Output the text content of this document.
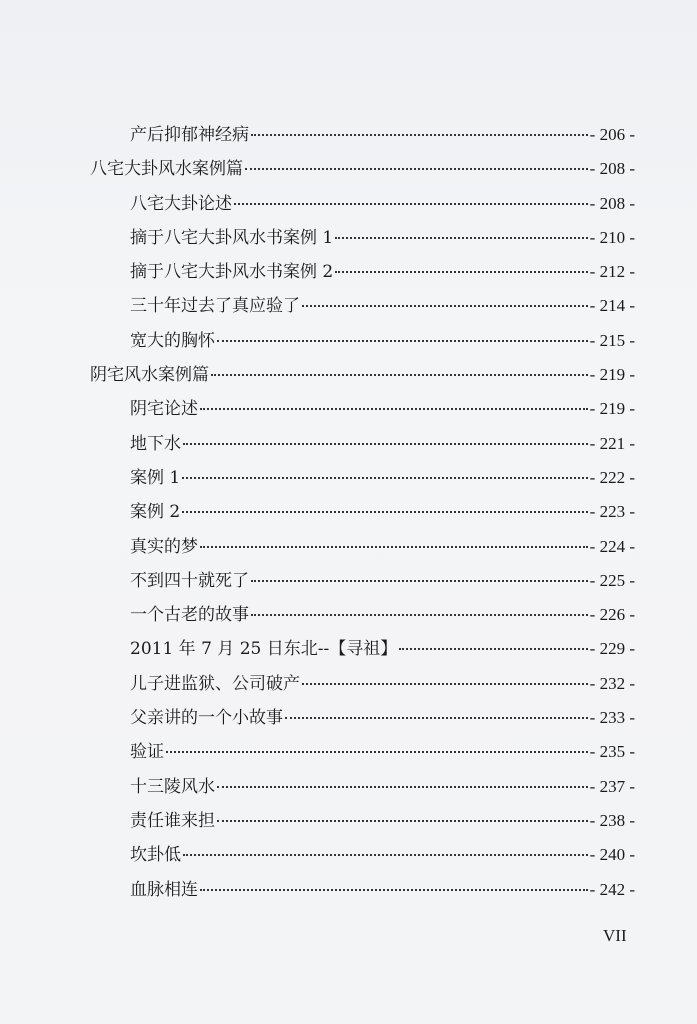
产后抑郁神经病	- 206 -
八宅大卦风水案例篇	- 208 -
八宅大卦论述	- 208 -
摘于八宅大卦风水书案例 1	- 210 -
摘于八宅大卦风水书案例 2	- 212 -
三十年过去了真应验了	- 214 -
宽大的胸怀	- 215 -
阴宅风水案例篇	- 219 -
阴宅论述	- 219 -
地下水	- 221 -
案例 1	- 222 -
案例 2	- 223 -
真实的梦	- 224 -
不到四十就死了	- 225 -
一个古老的故事	- 226 -
2011 年 7 月 25 日东北--【寻祖】	- 229 -
儿子进监狱、公司破产	- 232 -
父亲讲的一个小故事	- 233 -
验证	- 235 -
十三陵风水	- 237 -
责任谁来担	- 238 -
坎卦低	- 240 -
血脉相连	- 242 -
VII
